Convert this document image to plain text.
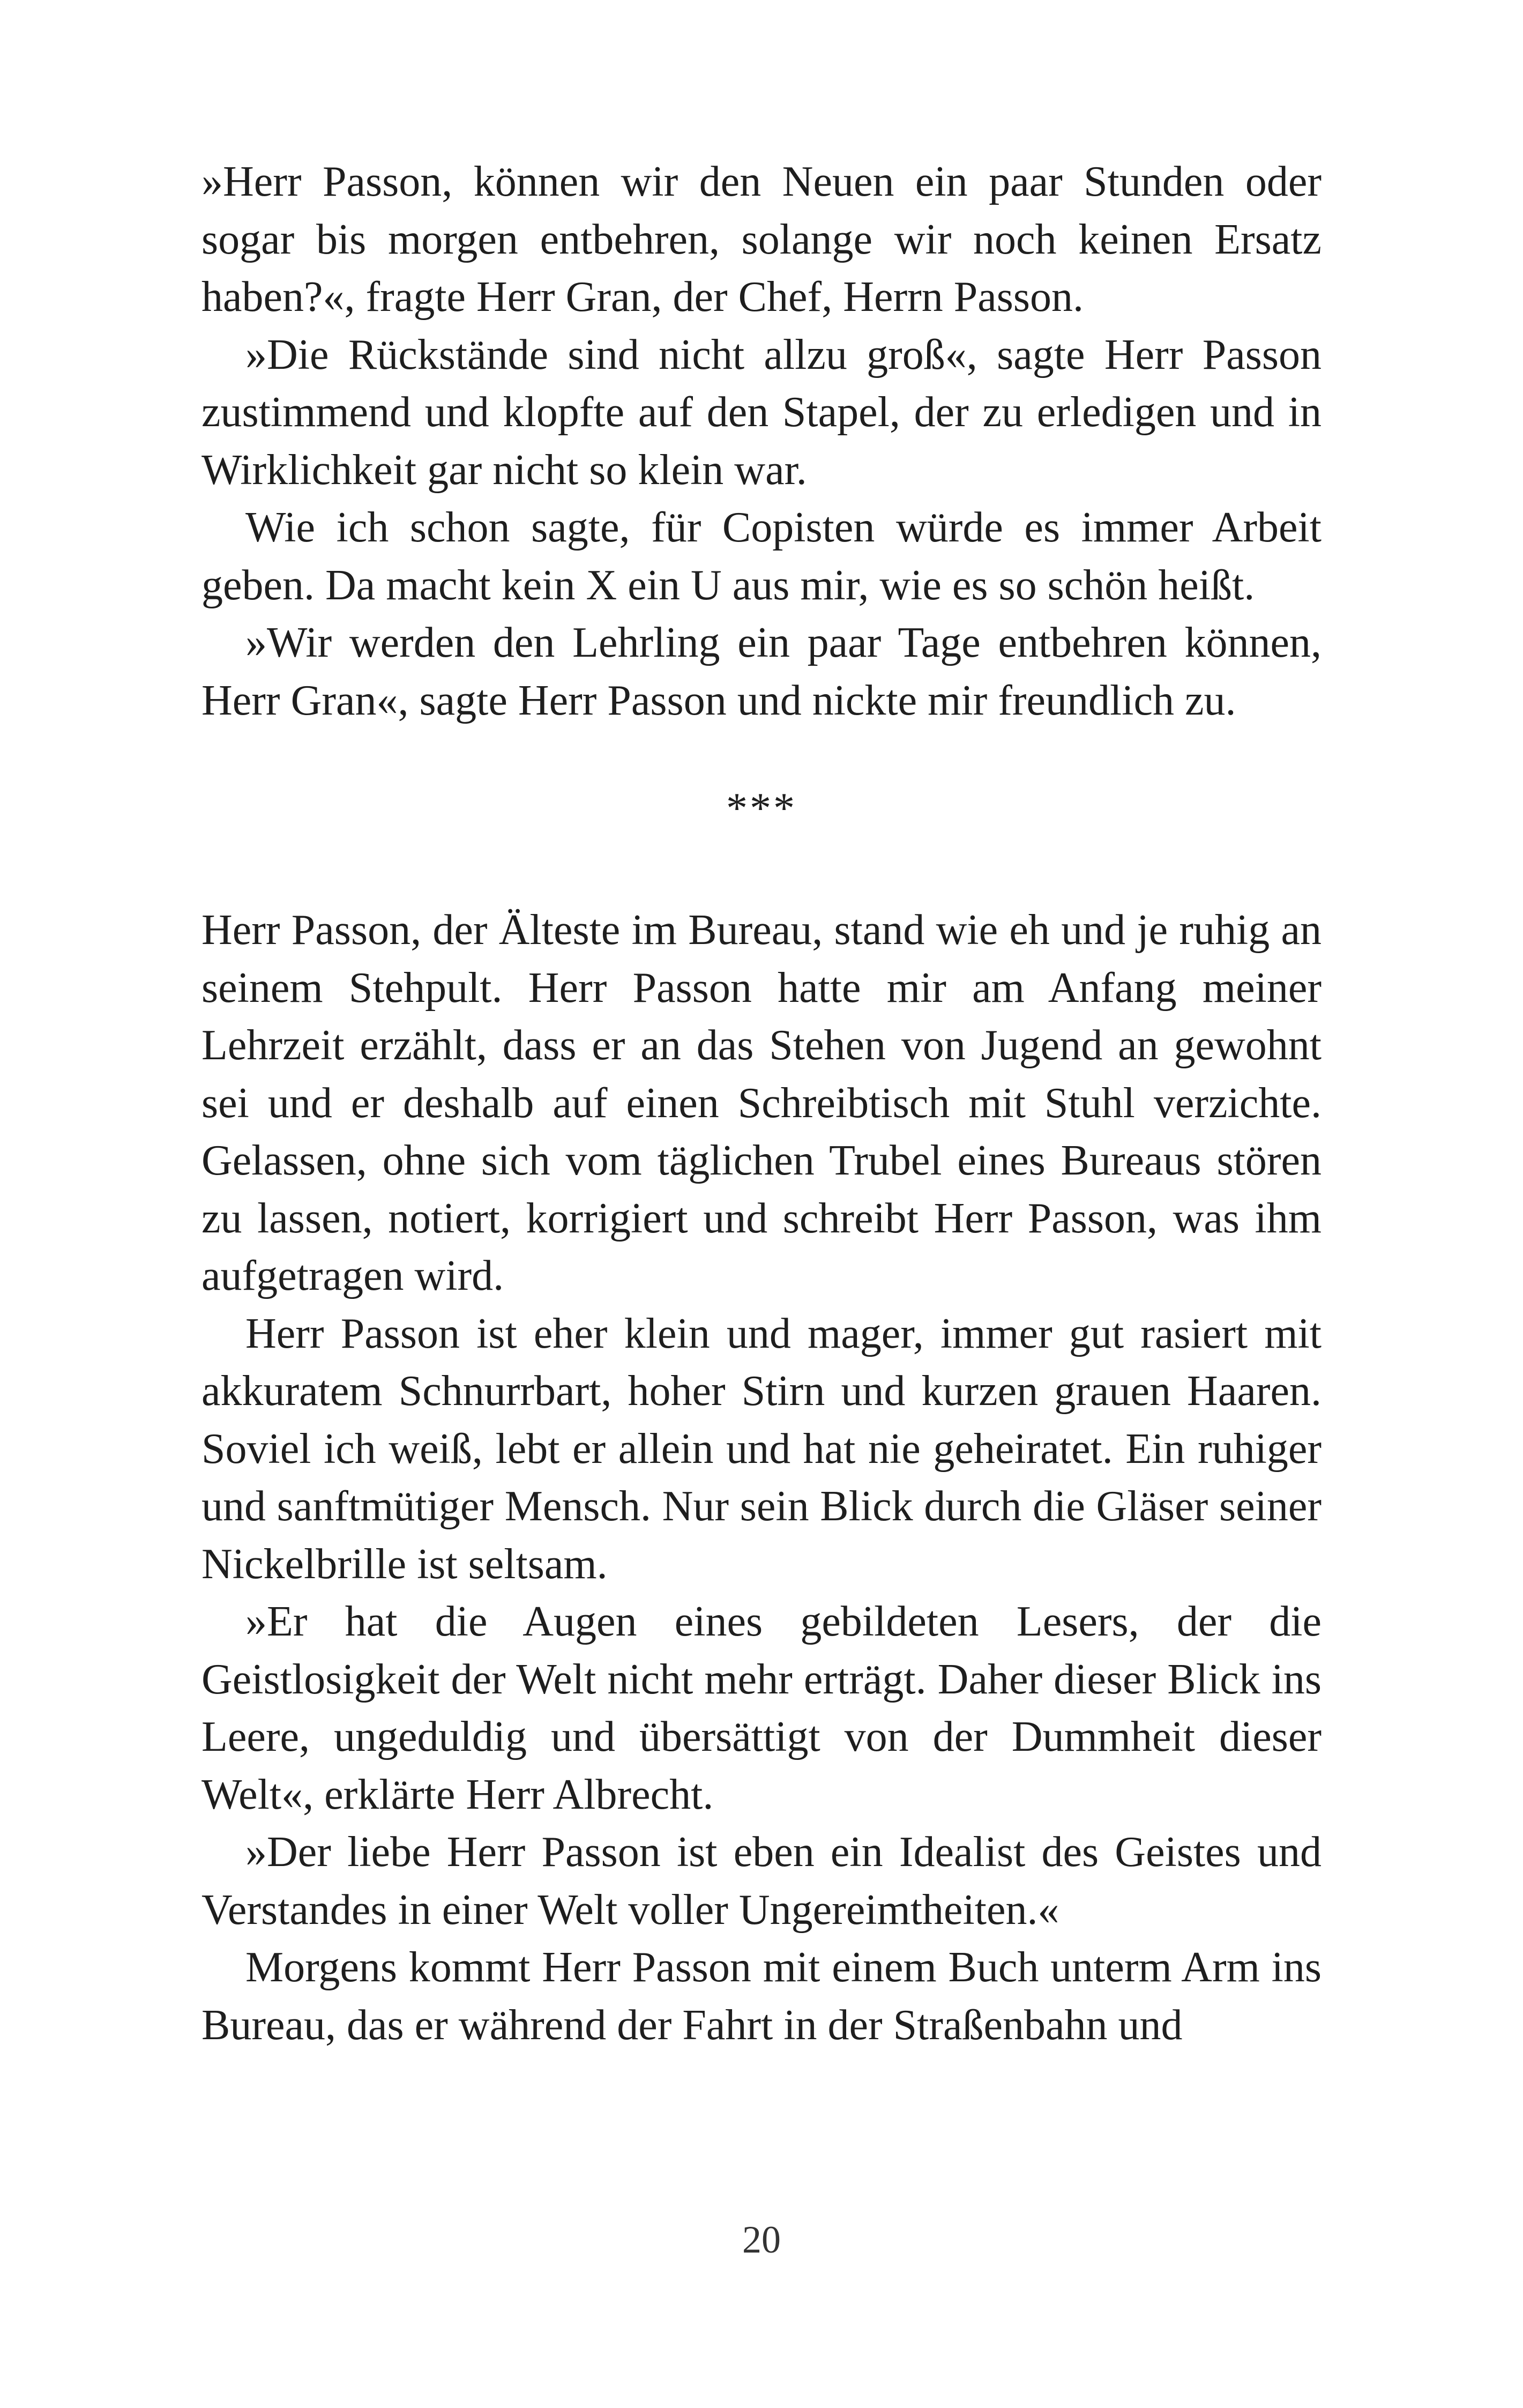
»Herr Passon, können wir den Neuen ein paar Stunden oder sogar bis morgen entbehren, solange wir noch keinen Ersatz haben?«, fragte Herr Gran, der Chef, Herrn Passon.

»Die Rückstände sind nicht allzu groß«, sagte Herr Passon zustimmend und klopfte auf den Stapel, der zu erledigen und in Wirklichkeit gar nicht so klein war.

Wie ich schon sagte, für Copisten würde es immer Arbeit geben. Da macht kein X ein U aus mir, wie es so schön heißt.

»Wir werden den Lehrling ein paar Tage entbehren können, Herr Gran«, sagte Herr Passon und nickte mir freundlich zu.

***

Herr Passon, der Älteste im Bureau, stand wie eh und je ruhig an seinem Stehpult. Herr Passon hatte mir am Anfang meiner Lehrzeit erzählt, dass er an das Stehen von Jugend an gewohnt sei und er deshalb auf einen Schreibtisch mit Stuhl verzichte. Gelassen, ohne sich vom täglichen Trubel eines Bureaus stören zu lassen, notiert, korrigiert und schreibt Herr Passon, was ihm aufgetragen wird.

Herr Passon ist eher klein und mager, immer gut rasiert mit akkuratem Schnurrbart, hoher Stirn und kurzen grauen Haaren. Soviel ich weiß, lebt er allein und hat nie geheiratet. Ein ruhiger und sanftmütiger Mensch. Nur sein Blick durch die Gläser seiner Nickelbrille ist seltsam.

»Er hat die Augen eines gebildeten Lesers, der die Geistlosigkeit der Welt nicht mehr erträgt. Daher dieser Blick ins Leere, ungeduldig und übersättigt von der Dummheit dieser Welt«, erklärte Herr Albrecht.

»Der liebe Herr Passon ist eben ein Idealist des Geistes und Verstandes in einer Welt voller Ungereimtheiten.«

Morgens kommt Herr Passon mit einem Buch unterm Arm ins Bureau, das er während der Fahrt in der Straßenbahn und

20
